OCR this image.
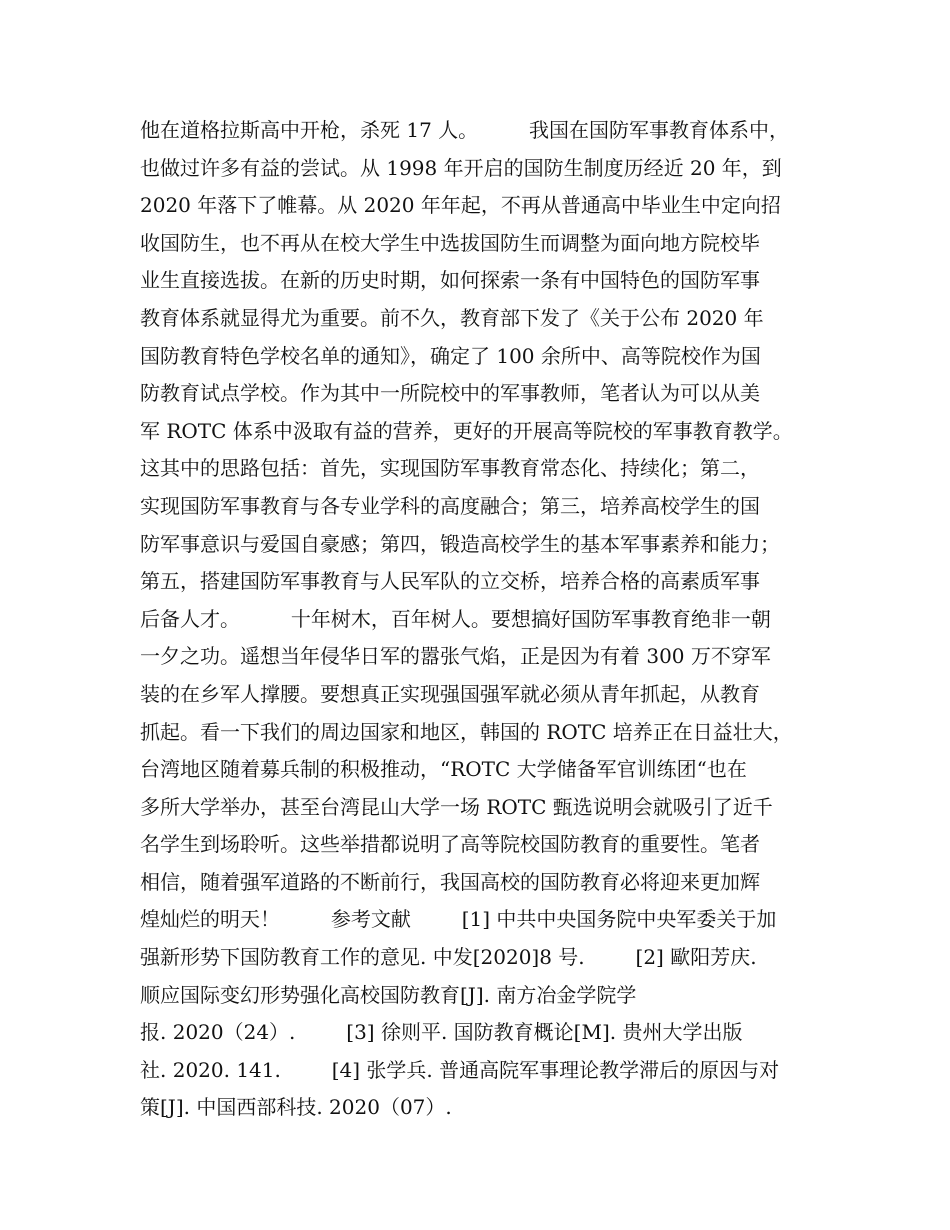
他在道格拉斯高中开枪，杀死 17 人。        我国在国防军事教育体系中，
也做过许多有益的尝试。从 1998 年开启的国防生制度历经近 20 年，到
2020 年落下了帷幕。从 2020 年年起，不再从普通高中毕业生中定向招
收国防生，也不再从在校大学生中选拔国防生而调整为面向地方院校毕
业生直接选拔。在新的历史时期，如何探索一条有中国特色的国防军事
教育体系就显得尤为重要。前不久，教育部下发了《关于公布 2020 年
国防教育特色学校名单的通知》，确定了 100 余所中、高等院校作为国
防教育试点学校。作为其中一所院校中的军事教师，笔者认为可以从美
军 ROTC 体系中汲取有益的营养，更好的开展高等院校的军事教育教学。
这其中的思路包括：首先，实现国防军事教育常态化、持续化；第二，
实现国防军事教育与各专业学科的高度融合；第三，培养高校学生的国
防军事意识与爱国自豪感；第四，锻造高校学生的基本军事素养和能力；
第五，搭建国防军事教育与人民军队的立交桥，培养合格的高素质军事
后备人才。        十年树木，百年树人。要想搞好国防军事教育绝非一朝
一夕之功。遥想当年侵华日军的嚣张气焰，正是因为有着 300 万不穿军
装的在乡军人撑腰。要想真正实现强国强军就必须从青年抓起，从教育
抓起。看一下我们的周边国家和地区，韩国的 ROTC 培养正在日益壮大，
台湾地区随着募兵制的积极推动，“ROTC 大学储备军官训练团“也在
多所大学举办，甚至台湾昆山大学一场 ROTC 甄选说明会就吸引了近千
名学生到场聆听。这些举措都说明了高等院校国防教育的重要性。笔者
相信，随着强军道路的不断前行，我国高校的国防教育必将迎来更加辉
煌灿烂的明天！        参考文献        [1] 中共中央国务院中央军委关于加
强新形势下国防教育工作的意见. 中发[2020]8 号.        [2] 歐阳芳庆.
顺应国际变幻形势强化高校国防教育[J]. 南方冶金学院学
报. 2020（24）.        [3] 徐则平. 国防教育概论[M]. 贵州大学出版
社. 2020. 141.        [4] 张学兵. 普通高院军事理论教学滞后的原因与对
策[J]. 中国西部科技. 2020（07）.
